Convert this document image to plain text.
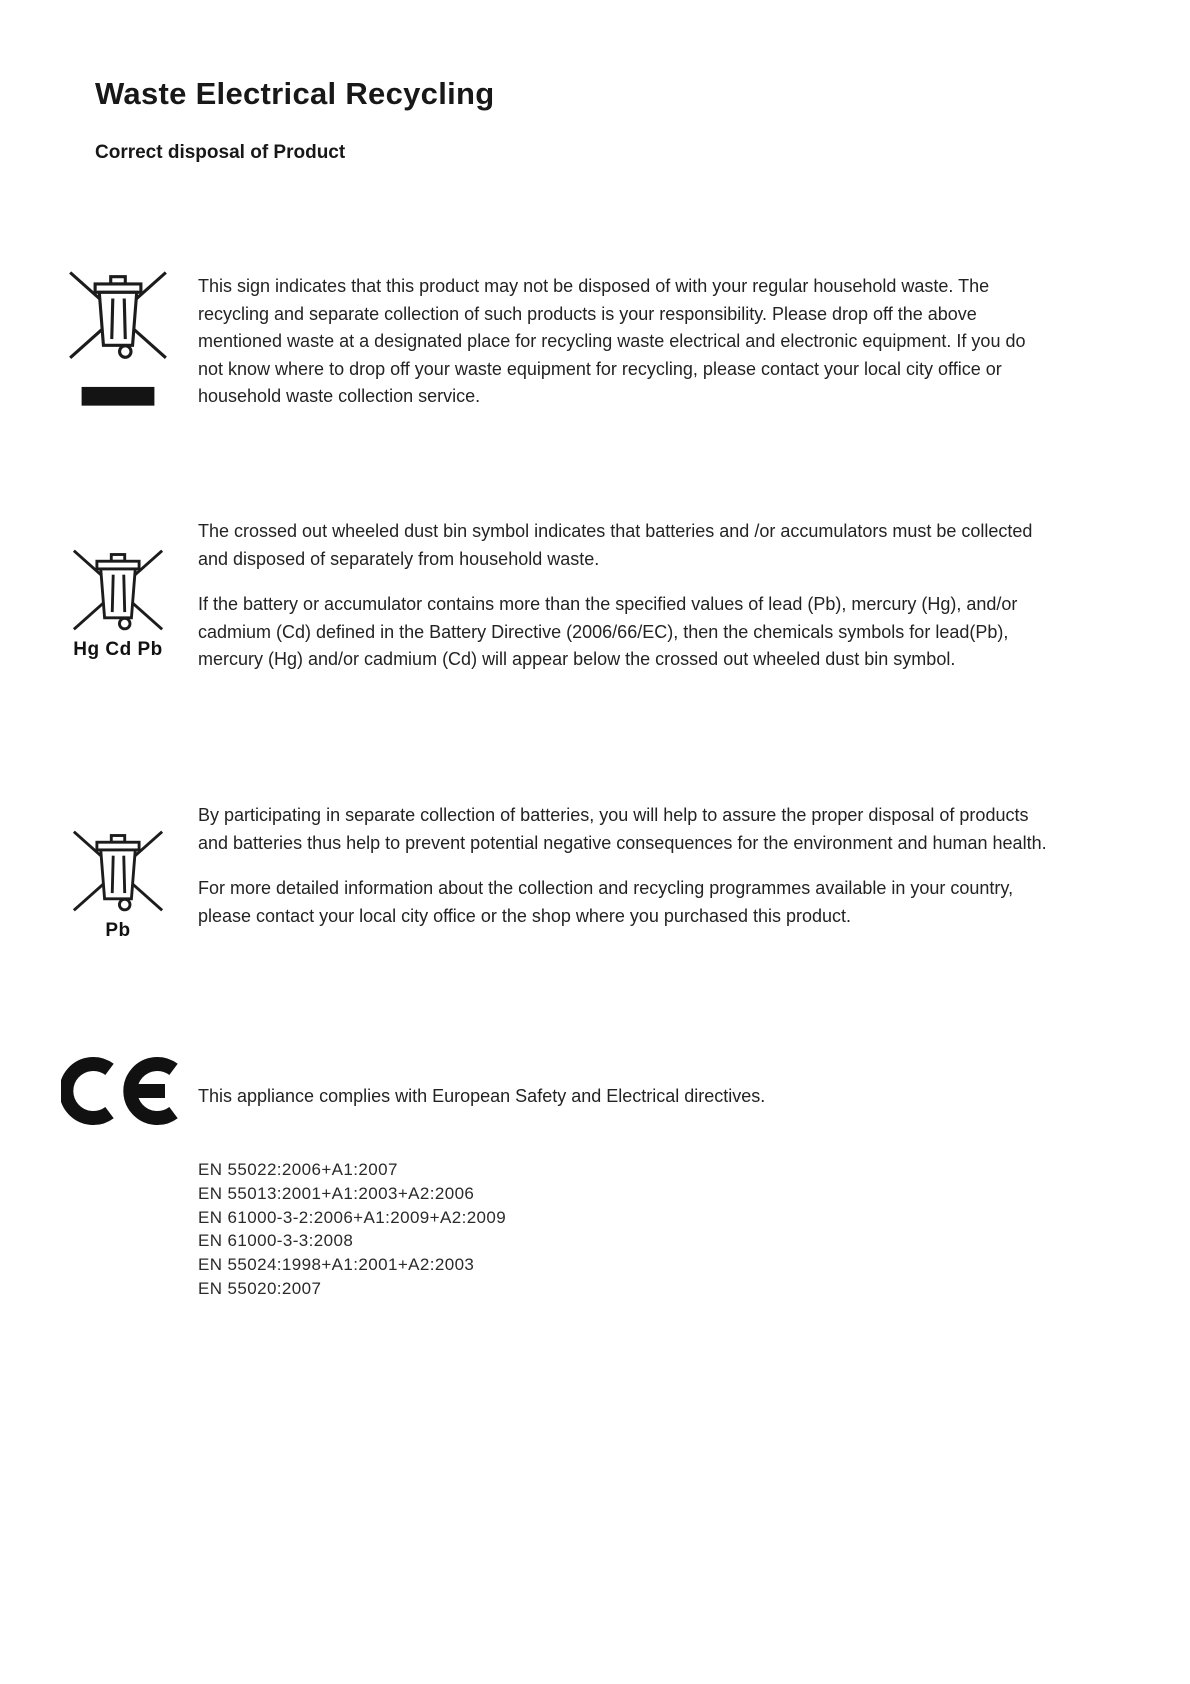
Waste Electrical Recycling
Correct disposal of Product

This sign indicates that this product may not be disposed of with your regular household waste. The recycling and separate collection of such products is your responsibility. Please drop off the above mentioned waste at a designated place for recycling waste electrical and electronic equipment. If you do not know where to drop off your waste equipment for recycling, please contact your local city office or household waste collection service.

Hg Cd Pb

The crossed out wheeled dust bin symbol indicates that batteries and /or accumulators must be collected and disposed of separately from household waste.

If the battery or accumulator contains more than the specified values of lead (Pb), mercury (Hg), and/or cadmium (Cd) defined in the Battery Directive (2006/66/EC), then the chemicals symbols for lead(Pb), mercury (Hg) and/or cadmium (Cd) will appear below the crossed out wheeled dust bin symbol.

Pb

By participating in separate collection of batteries, you will help to assure the proper disposal of products and batteries thus help to prevent potential negative consequences for the environment and human health.

For more detailed information about the collection and recycling programmes available in your country, please contact your local city office or the shop where you purchased this product.

This appliance complies with European Safety and Electrical directives.

EN 55022:2006+A1:2007
EN 55013:2001+A1:2003+A2:2006
EN 61000-3-2:2006+A1:2009+A2:2009
EN 61000-3-3:2008
EN 55024:1998+A1:2001+A2:2003
EN 55020:2007
